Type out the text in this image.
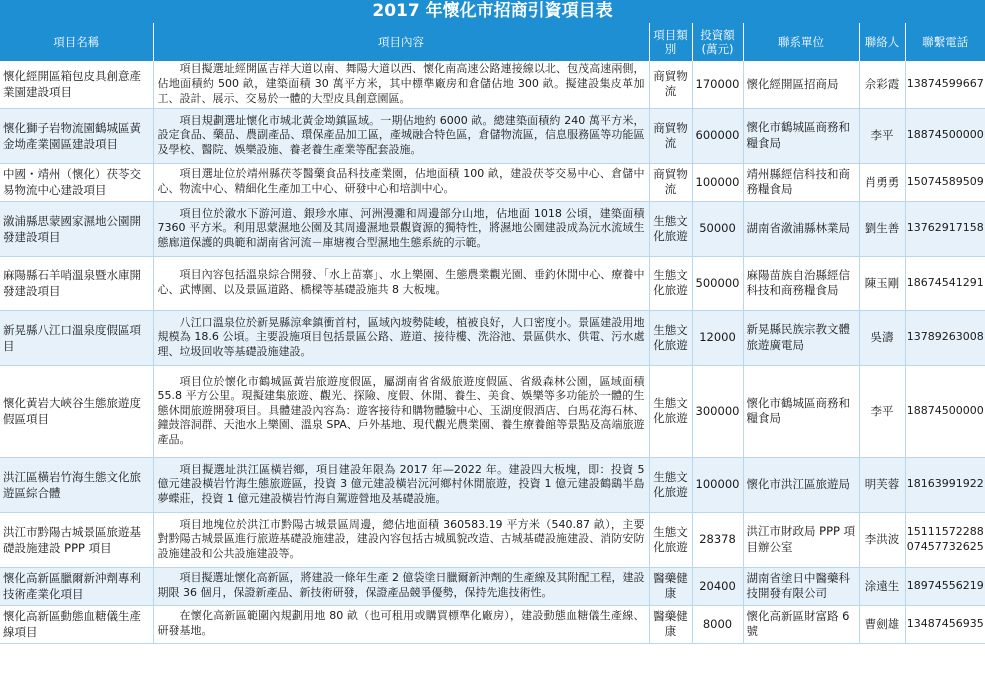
2017 年懷化市招商引資項目表
項目名稱	項目內容	項目類別	投資額(萬元)	聯系單位	聯絡人	聯繫電話
懷化經開區箱包皮具創意產業園建設項目	項目擬選址經開區吉祥大道以南、舞陽大道以西、懷化南高速公路連接線以北、包茂高速兩側，佔地面積約 500 畝，建築面積 30 萬平方米，其中標準廠房和倉儲佔地 300 畝。擬建設集皮革加工、設計、展示、交易於一體的大型皮具創意園區。	商貿物流	170000	懷化經開區招商局	佘彩霞	13874599667
懷化獅子岩物流園鶴城區黃金坳產業園區建設項目	項目規劃選址懷化市城北黃金坳鎮區域。一期佔地約 6000 畝。總建築面積約 240 萬平方米，設定食品、藥品、農副產品、環保產品加工區，產城融合特色區，倉儲物流區，信息服務區等功能區及學校、醫院、娛樂設施、養老養生產業等配套設施。	商貿物流	600000	懷化市鶴城區商務和糧食局	李平	18874500000
中國・靖州（懷化）茯苓交易物流中心建設項目	項目選址位於靖州縣茯苓醫藥食品科技產業園，佔地面積 100 畝，建設茯苓交易中心、倉儲中心、物流中心、精細化生產加工中心、研發中心和培訓中心。	商貿物流	100000	靖州縣經信科技和商務糧食局	肖勇勇	15074589509
漵浦縣思蒙國家濕地公園開發建設項目	項目位於漵水下游河道、銀珍水庫、河洲漫灘和周邊部分山地，佔地面 1018 公頃，建築面積 7360 平方米。利用思蒙濕地公園及其周邊濕地景觀資源的獨特性，將濕地公園建設成為沅水流域生態廊道保護的典範和湖南省河流－庫塘複合型濕地生態系統的示範。	生態文化旅遊	50000	湖南省漵浦縣林業局	劉生善	13762917158
麻陽縣石羊哨溫泉暨水庫開發建設項目	項目內容包括溫泉綜合開發、「水上苗寨」、水上樂園、生態農業觀光園、垂釣休閒中心、療養中心、武博園、以及景區道路、橋樑等基礎設施共 8 大板塊。	生態文化旅遊	500000	麻陽苗族自治縣經信科技和商務糧食局	陳玉剛	18674541291
新晃縣八江口溫泉度假區項目	八江口溫泉位於新晃縣涼傘鎮衝首村，區域內坡勢陡峻，植被良好，人口密度小。景區建設用地規模為 18.6 公頃。主要設施項目包括景區公路、遊道、接待樓、洗浴池、景區供水、供電、污水處理、垃圾回收等基礎設施建設。	生態文化旅遊	12000	新晃縣民族宗教文體旅遊廣電局	吳濤	13789263008
懷化黃岩大峽谷生態旅遊度假區項目	項目位於懷化市鶴城區黃岩旅遊度假區，屬湖南省省級旅遊度假區、省級森林公園，區域面積 55.8 平方公里。現擬建集旅遊、觀光、探險、度假、休閒、養生、美食、娛樂等多功能於一體的生態休閒旅遊開發項目。具體建設內容為：遊客接待和購物體驗中心、玉湖度假酒店、白馬花海石林、鐘鼓溶洞群、天池水上樂園、溫泉 SPA、戶外基地、現代觀光農業園、養生療養館等景點及高端旅遊產品。	生態文化旅遊	300000	懷化市鶴城區商務和糧食局	李平	18874500000
洪江區橫岩竹海生態文化旅遊區綜合體	項目擬選址洪江區橫岩鄉，項目建設年限為 2017 年—2022 年。建設四大板塊，即：投資 5 億元建設橫岩竹海生態旅遊區，投資 3 億元建設橫岩沅河鄉村休閒旅遊，投資 1 億元建設鶴鷂半島夢蝶莊，投資 1 億元建設橫岩竹海自駕遊營地及基礎設施。	生態文化旅遊	100000	懷化市洪江區旅遊局	明芙蓉	18163991922
洪江市黔陽古城景區旅遊基礎設施建設 PPP 項目	項目地塊位於洪江市黔陽古城景區周邊，總佔地面積 360583.19 平方米（540.87 畝），主要對黔陽古城景區進行旅遊基礎設施建設，建設內容包括古城風貌改造、古城基礎設施建設、消防安防設施建設和公共設施建設等。	生態文化旅遊	28378	洪江市財政局 PPP 項目辦公室	李洪波	15111572288 07457732625
懷化高新區臘爾新沖劑專利技術產業化項目	項目擬選址懷化高新區，將建設一條年生產 2 億袋塗日臘爾新沖劑的生產線及其附配工程，建設期限 36 個月，保證新產品、新技術研發，保證產品競爭優勢，保持先進技術性。	醫藥健康	20400	湖南省塗日中醫藥科技開發有限公司	涂遠生	18974556219
懷化高新區動態血糖儀生產線項目	在懷化高新區範圍內規劃用地 80 畝（也可租用或購買標準化廠房），建設動態血糖儀生產線、研發基地。	醫藥健康	8000	懷化高新區財富路 6 號	曹劍雄	13487456935
